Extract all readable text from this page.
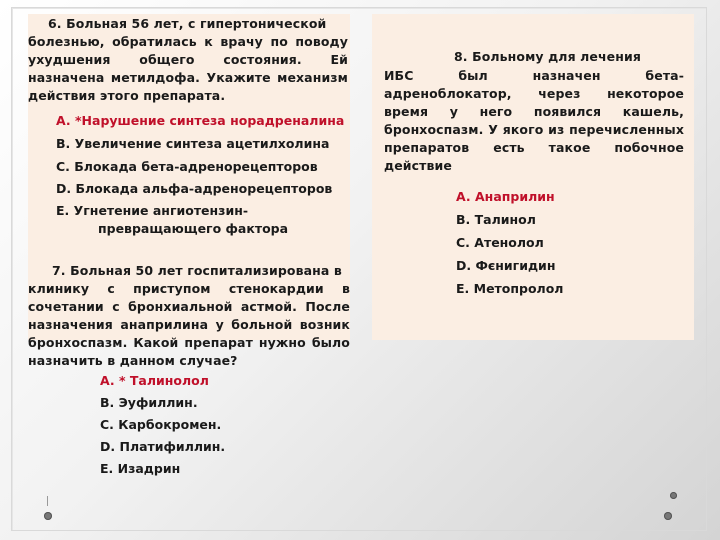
6. Больная 56 лет, с гипертонической
болезнью, обратилась к врачу по поводу ухудшения общего состояния. Ей назначена метилдофа. Укажите механизм действия этого препарата.
A. *Нарушение синтеза норадреналина
B. Увеличение синтеза ацетилхолина
C. Блокада бета-адренорецепторов
D. Блокада альфа-адренорецепторов
E. Угнетение ангиотензин-
превращающего фактора
7. Больная 50 лет госпитализирована в
клинику с приступом стенокардии в сочетании с бронхиальной астмой. После назначения анаприлина у больной возник бронхоспазм. Какой препарат нужно было назначить в данном случае?
A. * Талинолол
B. Эуфиллин.
C. Карбокромен.
D. Платифиллин.
E. Изадрин
8. Больному для лечения
ИБС был назначен бета-адреноблокатор, через некоторое время у него появился кашель, бронхоспазм. У якого из перечисленных препаратов есть такое побочное действие
A. Анаприлин
B. Талинол
C. Атенолол
D. Фєнигидин
E. Метопролол
